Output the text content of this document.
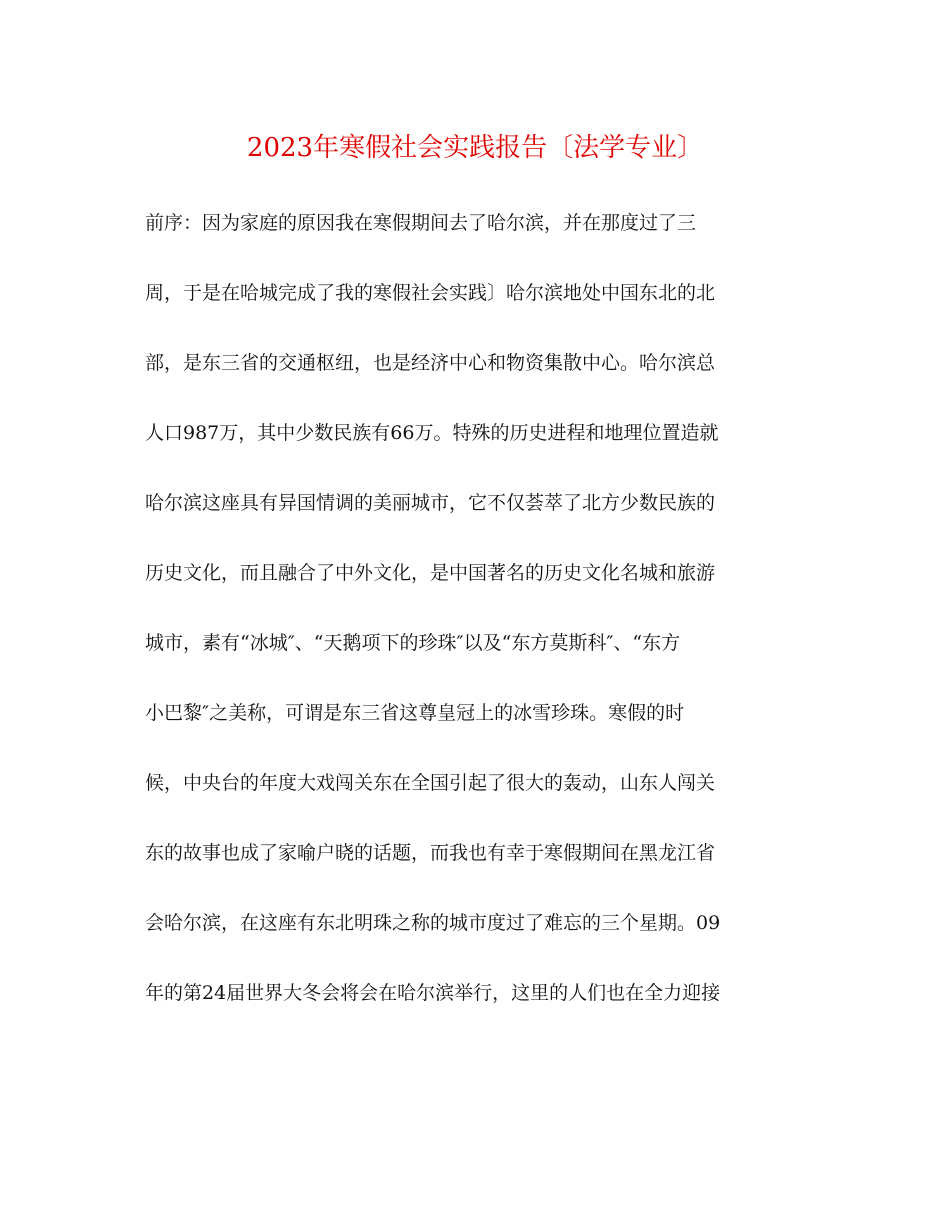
2023年寒假社会实践报告〔法学专业〕
前序：因为家庭的原因我在寒假期间去了哈尔滨，并在那度过了三
周，于是在哈城完成了我的寒假社会实践〕哈尔滨地处中国东北的北
部，是东三省的交通枢纽，也是经济中心和物资集散中心。哈尔滨总
人口987万，其中少数民族有66万。特殊的历史进程和地理位置造就
哈尔滨这座具有异国情调的美丽城市，它不仅荟萃了北方少数民族的
历史文化，而且融合了中外文化，是中国著名的历史文化名城和旅游
城市，素有“冰城″、“天鹅项下的珍珠″以及“东方莫斯科″、“东方
小巴黎″之美称，可谓是东三省这尊皇冠上的冰雪珍珠。寒假的时
候，中央台的年度大戏闯关东在全国引起了很大的轰动，山东人闯关
东的故事也成了家喻户晓的话题，而我也有幸于寒假期间在黑龙江省
会哈尔滨，在这座有东北明珠之称的城市度过了难忘的三个星期。09
年的第24届世界大冬会将会在哈尔滨举行，这里的人们也在全力迎接
